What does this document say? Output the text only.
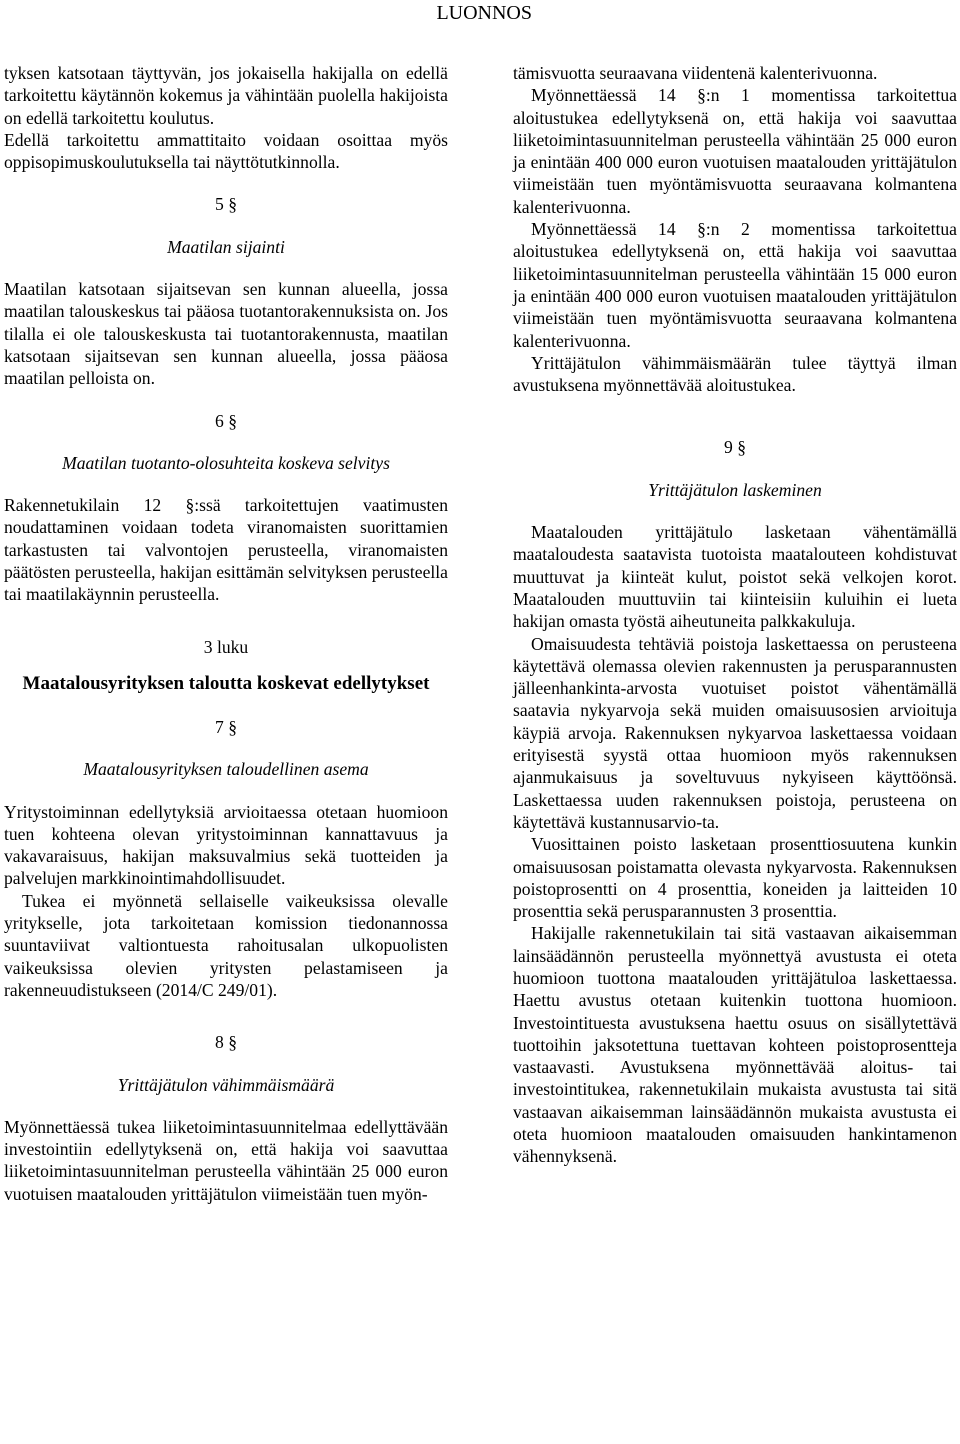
LUONNOS

tyksen katsotaan täyttyvän, jos jokaisella hakijalla on edellä tarkoitettu käytännön kokemus ja vähintään puolella hakijoista on edellä tarkoitettu koulutus.

Edellä tarkoitettu ammattitaito voidaan osoittaa myös oppisopimuskoulutuksella tai näyttötutkinnolla.

5 §
Maatilan sijainti

Maatilan katsotaan sijaitsevan sen kunnan alueella, jossa maatilan talouskeskus tai pääosa tuotantorakennuksista on. Jos tilalla ei ole talouskeskusta tai tuotantorakennusta, maatilan katsotaan sijaitsevan sen kunnan alueella, jossa pääosa maatilan pelloista on.

6 §
Maatilan tuotanto-olosuhteita koskeva selvitys

Rakennetukilain 12 §:ssä tarkoitettujen vaatimusten noudattaminen voidaan todeta viranomaisten suorittamien tarkastusten tai valvontojen perusteella, viranomaisten päätösten perusteella, hakijan esittämän selvityksen perusteella tai maatilakäynnin perusteella.

3 luku
Maatalousyrityksen taloutta koskevat edellytykset
7 §
Maatalousyrityksen taloudellinen asema

Yritystoiminnan edellytyksiä arvioitaessa otetaan huomioon tuen kohteena olevan yritystoiminnan kannattavuus ja vakavaraisuus, hakijan maksuvalmius sekä tuotteiden ja palvelujen markkinointimahdollisuudet.

Tukea ei myönnetä sellaiselle vaikeuksissa olevalle yritykselle, jota tarkoitetaan komission tiedonannossa suuntaviivat valtiontuesta rahoitusalan ulkopuolisten vaikeuksissa olevien yritysten pelastamiseen ja rakenneuudistukseen (2014/C 249/01).

8 §
Yrittäjätulon vähimmäismäärä

Myönnettäessä tukea liiketoimintasuunnitelmaa edellyttävään investointiin edellytyksenä on, että hakija voi saavuttaa liiketoimintasuunnitelman perusteella vähintään 25 000 euron vuotuisen maatalouden yrittäjätulon viimeistään tuen myön-

tämisvuotta seuraavana viidentenä kalenterivuonna.

Myönnettäessä 14 §:n 1 momentissa tarkoitettua aloitustukea edellytyksenä on, että hakija voi saavuttaa liiketoimintasuunnitelman perusteella vähintään 25 000 euron ja enintään 400 000 euron vuotuisen maatalouden yrittäjätulon viimeistään tuen myöntämisvuotta seuraavana kolmantena kalenterivuonna.

Myönnettäessä 14 §:n 2 momentissa tarkoitettua aloitustukea edellytyksenä on, että hakija voi saavuttaa liiketoimintasuunnitelman perusteella vähintään 15 000 euron ja enintään 400 000 euron vuotuisen maatalouden yrittäjätulon viimeistään tuen myöntämisvuotta seuraavana kolmantena kalenterivuonna.

Yrittäjätulon vähimmäismäärän tulee täyttyä ilman avustuksena myönnettävää aloitustukea.

9 §
Yrittäjätulon laskeminen

Maatalouden yrittäjätulo lasketaan vähentämällä maataloudesta saatavista tuotoista maatalouteen kohdistuvat muuttuvat ja kiinteät kulut, poistot sekä velkojen korot. Maatalouden muuttuviin tai kiinteisiin kuluihin ei lueta hakijan omasta työstä aiheutuneita palkkakuluja.

Omaisuudesta tehtäviä poistoja laskettaessa on perusteena käytettävä olemassa olevien rakennusten ja perusparannusten jälleenhankinta-arvosta vuotuiset poistot vähentämällä saatavia nykyarvoja sekä muiden omaisuusosien arvioituja käypiä arvoja. Rakennuksen nykyarvoa laskettaessa voidaan erityisestä syystä ottaa huomioon myös rakennuksen ajanmukaisuus ja soveltuvuus nykyiseen käyttöönsä. Laskettaessa uuden rakennuksen poistoja, perusteena on käytettävä kustannusarvio-ta.

Vuosittainen poisto lasketaan prosenttiosuutena kunkin omaisuusosan poistamatta olevasta nykyarvosta. Rakennuksen poistoprosentti on 4 prosenttia, koneiden ja laitteiden 10 prosenttia sekä perusparannusten 3 prosenttia.

Hakijalle rakennetukilain tai sitä vastaavan aikaisemman lainsäädännön perusteella myönnettyä avustusta ei oteta huomioon tuottona maatalouden yrittäjätuloa laskettaessa. Haettu avustus otetaan kuitenkin tuottona huomioon. Investointituesta avustuksena haettu osuus on sisällytettävä tuottoihin jaksotettuna tuettavan kohteen poistoprosentteja vastaavasti. Avustuksena myönnettävää aloitus- tai investointitukea, rakennetukilain mukaista avustusta tai sitä vastaavan aikaisemman lainsäädännön mukaista avustusta ei oteta huomioon maatalouden omaisuuden hankintamenon vähennyksenä.
